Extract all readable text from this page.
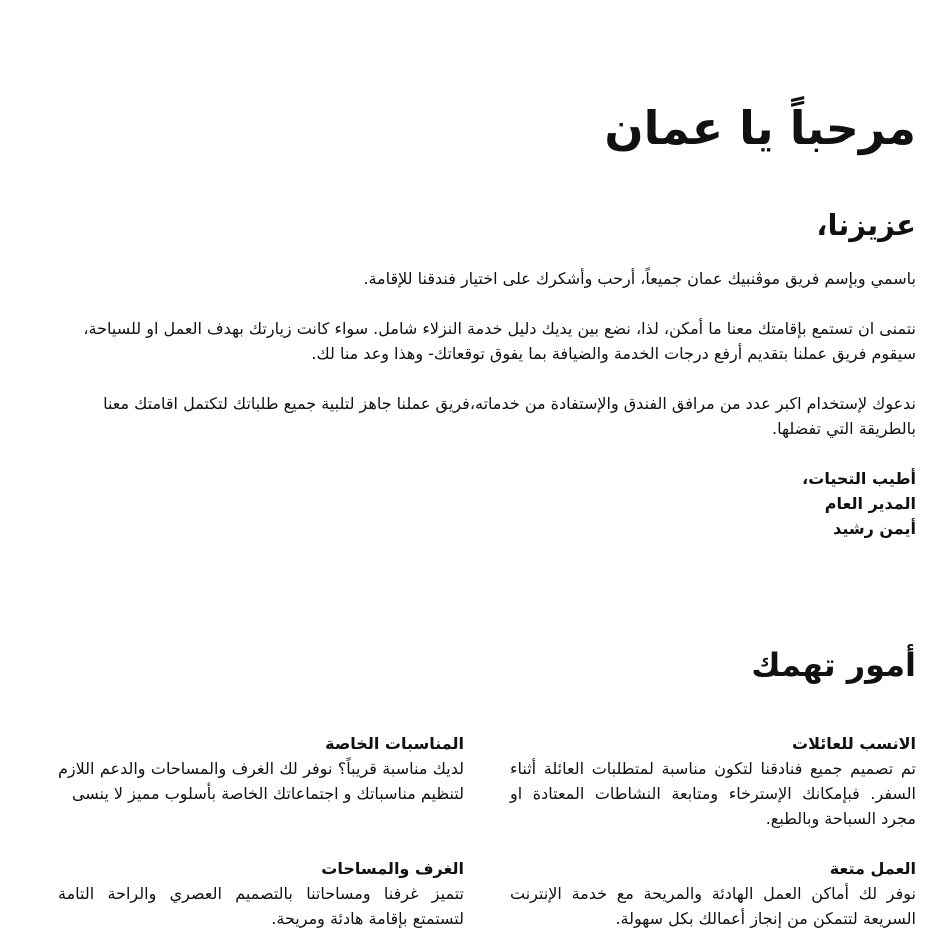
مرحباً يا عمان
عزيزنا،

باسمي وبإسم فريق موڤنبيك عمان جميعاً، أرحب وأشكرك على اختيار فندقنا للإقامة.

نتمنى ان تستمع بإقامتك معنا ما أمكن، لذا، نضع بين يديك دليل خدمة النزلاء شامل. سواء كانت زيارتك بهدف العمل او للسياحة، سيقوم فريق عملنا بتقديم أرفع درجات الخدمة والضيافة بما يفوق توقعاتك- وهذا وعد منا لك.

ندعوك لإستخدام اكبر عدد من مرافق الفندق والإستفادة من خدماته،فريق عملنا جاهز لتلبية جميع طلباتك لتكتمل اقامتك معنا بالطريقة التي تفضلها.

أطيب التحيات،
المدير العام
أيمن رشيد
أمور تهمك
الانسب للعائلات

تم تصميم جميع فنادقنا لتكون مناسبة لمتطلبات العائلة أثناء السفر. فبإمكانك الإسترخاء ومتابعة النشاطات المعتادة او مجرد السباحة وبالطبع.

المناسبات الخاصة

لديك مناسبة قريباً؟ نوفر لك الغرف والمساحات والدعم اللازم لتنظيم مناسباتك و اجتماعاتك الخاصة بأسلوب مميز لا ينسى

العمل متعة

نوفر لك أماكن العمل الهادئة والمريحة مع خدمة الإنترنت السريعة لتتمكن من إنجاز أعمالك بكل سهولة.

الغرف والمساحات

تتميز غرفنا ومساحاتنا بالتصميم العصري والراحة التامة لتستمتع بإقامة هادئة ومريحة.
